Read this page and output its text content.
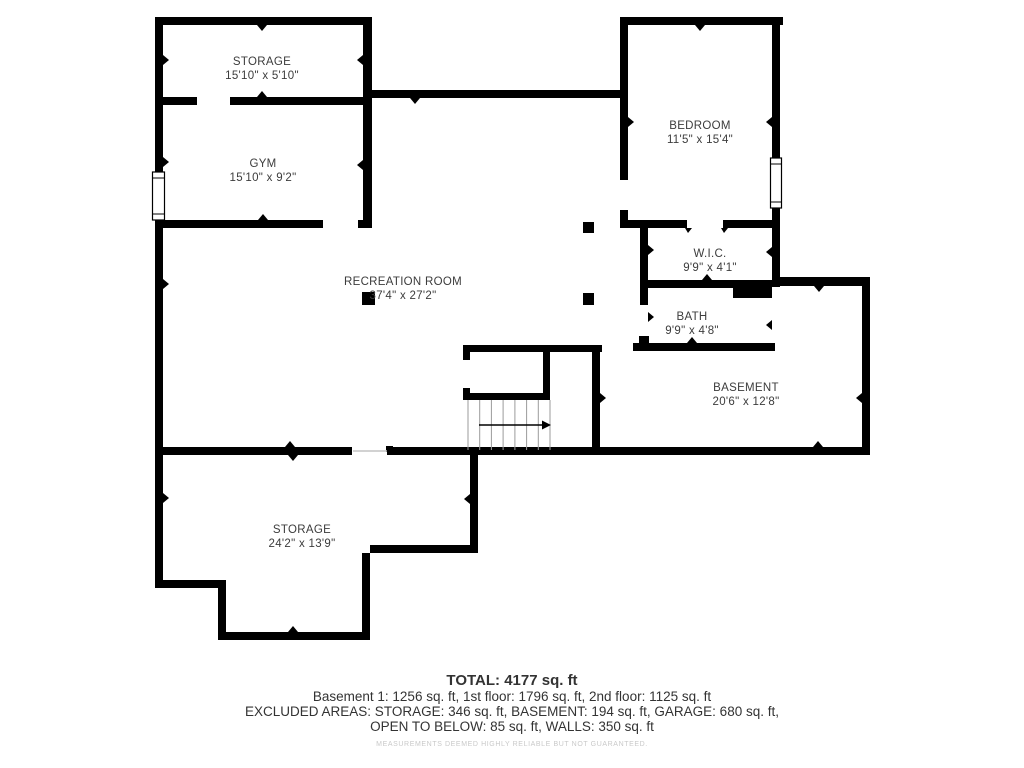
STORAGE
15'10" x 5'10"
GYM
15'10" x 9'2"
BEDROOM
11'5" x 15'4"
W.I.C.
9'9" x 4'1"
BATH
9'9" x 4'8"
RECREATION ROOM
37'4" x 27'2"
BASEMENT
20'6" x 12'8"
STORAGE
24'2" x 13'9"
TOTAL: 4177 sq. ft
Basement 1: 1256 sq. ft, 1st floor: 1796 sq. ft, 2nd floor: 1125 sq. ft
EXCLUDED AREAS: STORAGE: 346 sq. ft, BASEMENT: 194 sq. ft, GARAGE: 680 sq. ft,
OPEN TO BELOW: 85 sq. ft, WALLS: 350 sq. ft
MEASUREMENTS DEEMED HIGHLY RELIABLE BUT NOT GUARANTEED.
